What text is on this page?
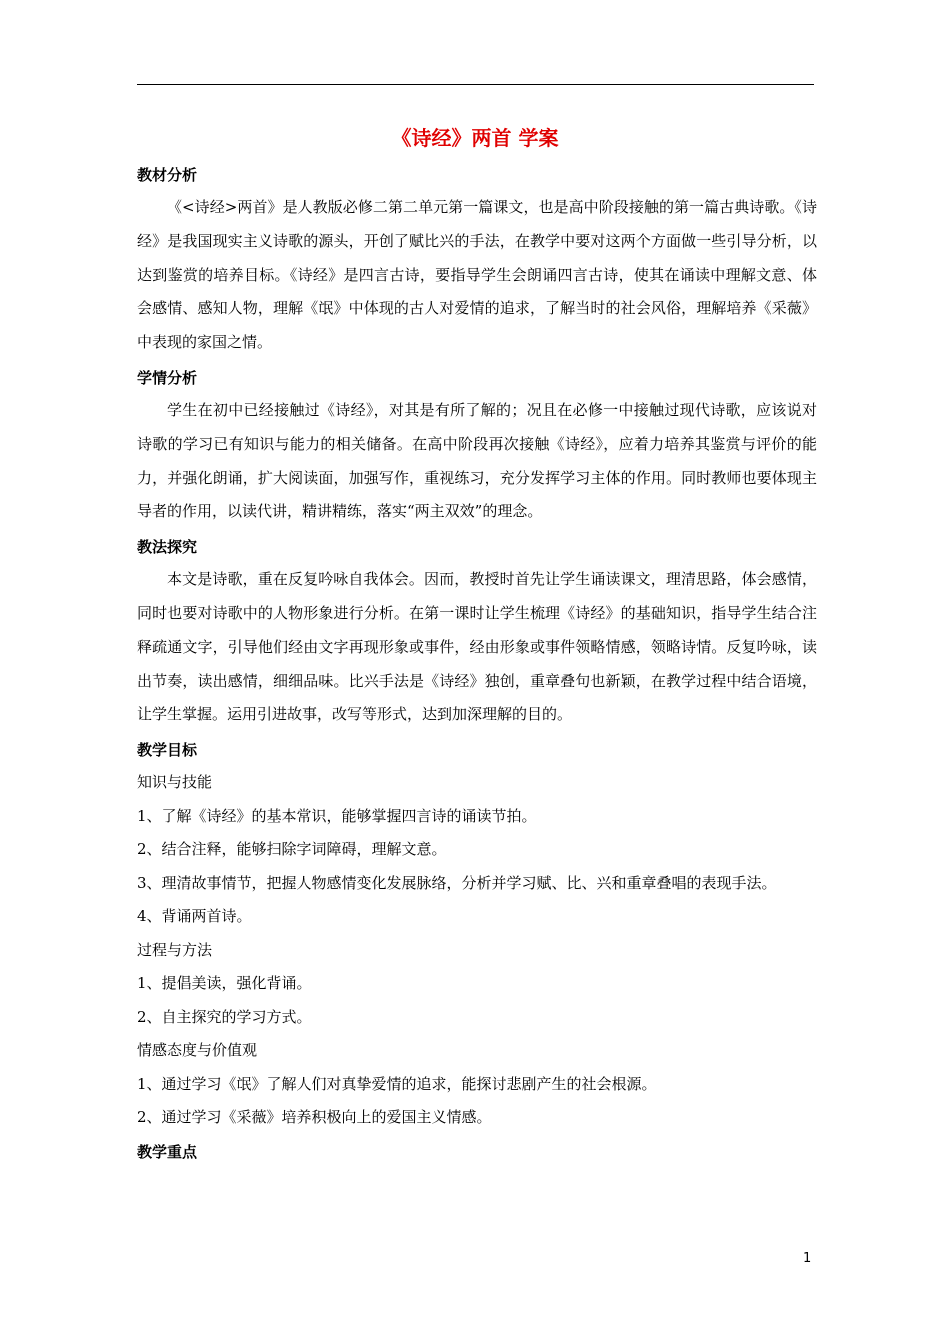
《诗经》两首 学案
教材分析

《<诗经>两首》是人教版必修二第二单元第一篇课文，也是高中阶段接触的第一篇古典诗歌。《诗经》是我国现实主义诗歌的源头，开创了赋比兴的手法，在教学中要对这两个方面做一些引导分析，以达到鉴赏的培养目标。《诗经》是四言古诗，要指导学生会朗诵四言古诗，使其在诵读中理解文意、体会感情、感知人物，理解《氓》中体现的古人对爱情的追求，了解当时的社会风俗，理解培养《采薇》中表现的家国之情。

学情分析

学生在初中已经接触过《诗经》，对其是有所了解的；况且在必修一中接触过现代诗歌，应该说对诗歌的学习已有知识与能力的相关储备。在高中阶段再次接触《诗经》，应着力培养其鉴赏与评价的能力，并强化朗诵，扩大阅读面，加强写作，重视练习，充分发挥学习主体的作用。同时教师也要体现主导者的作用，以读代讲，精讲精练，落实“两主双效”的理念。

教法探究

本文是诗歌，重在反复吟咏自我体会。因而，教授时首先让学生诵读课文，理清思路，体会感情，同时也要对诗歌中的人物形象进行分析。在第一课时让学生梳理《诗经》的基础知识，指导学生结合注释疏通文字，引导他们经由文字再现形象或事件，经由形象或事件领略情感，领略诗情。反复吟咏，读出节奏，读出感情，细细品味。比兴手法是《诗经》独创，重章叠句也新颖，在教学过程中结合语境，让学生掌握。运用引进故事，改写等形式，达到加深理解的目的。

教学目标
知识与技能
1、了解《诗经》的基本常识，能够掌握四言诗的诵读节拍。
2、结合注释，能够扫除字词障碍，理解文意。
3、理清故事情节，把握人物感情变化发展脉络，分析并学习赋、比、兴和重章叠唱的表现手法。
4、背诵两首诗。
过程与方法
1、提倡美读，强化背诵。
2、自主探究的学习方式。
情感态度与价值观
1、通过学习《氓》了解人们对真挚爱情的追求，能探讨悲剧产生的社会根源。
2、通过学习《采薇》培养积极向上的爱国主义情感。
教学重点
1
